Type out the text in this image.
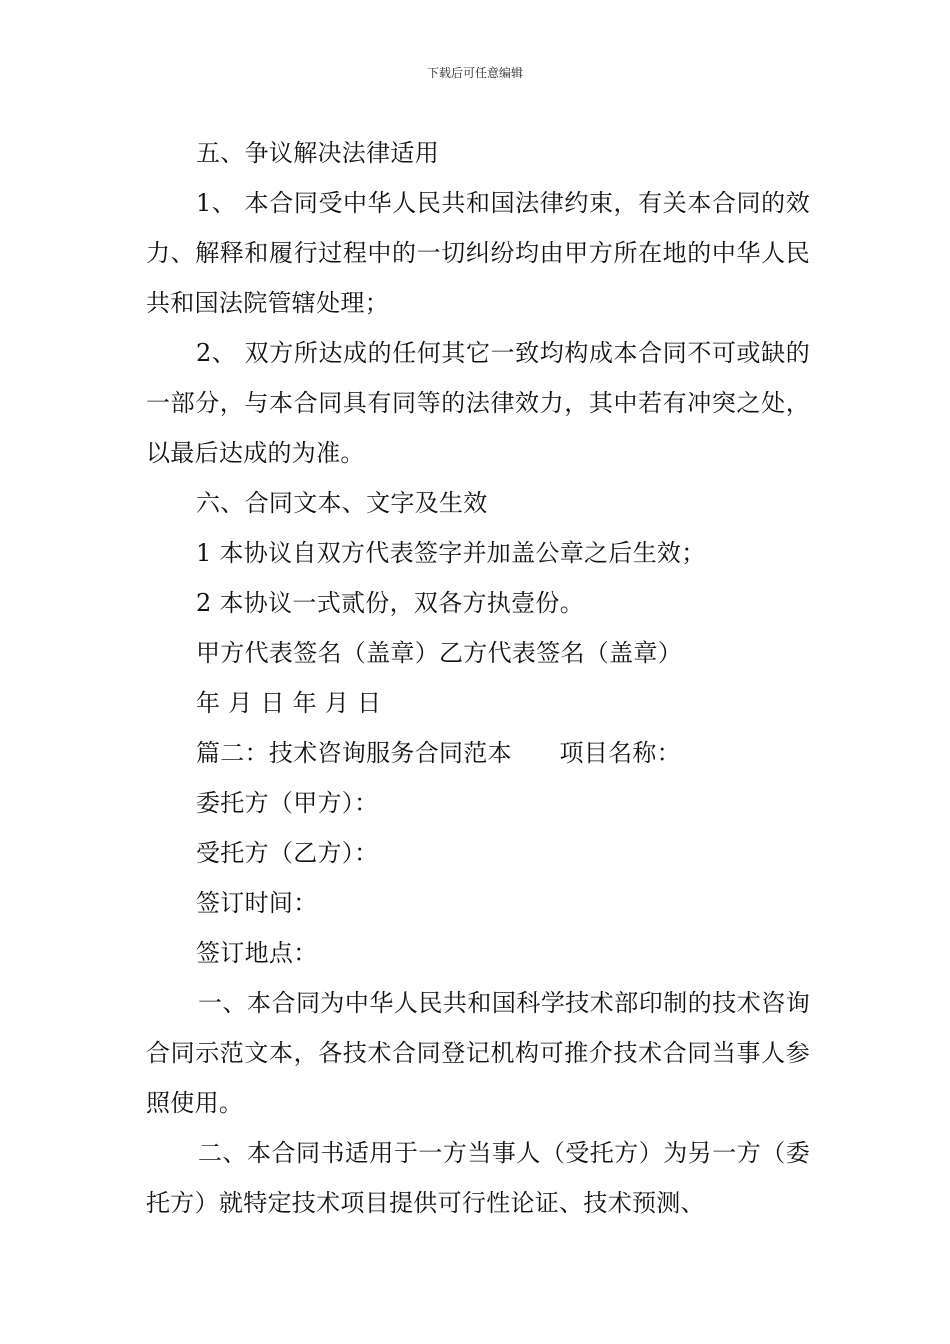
下载后可任意编辑
五、争议解决法律适用
1、 本合同受中华人民共和国法律约束，有关本合同的效力、解释和履行过程中的一切纠纷均由甲方所在地的中华人民共和国法院管辖处理；
2、 双方所达成的任何其它一致均构成本合同不可或缺的一部分，与本合同具有同等的法律效力，其中若有冲突之处，以最后达成的为准。
六、合同文本、文字及生效
1 本协议自双方代表签字并加盖公章之后生效；
2 本协议一式贰份，双各方执壹份。
甲方代表签名（盖章）乙方代表签名（盖章）
年 月 日 年 月 日
篇二：技术咨询服务合同范本      项目名称：
委托方（甲方）：
受托方（乙方）：
签订时间：
签订地点：
一、本合同为中华人民共和国科学技术部印制的技术咨询合同示范文本，各技术合同登记机构可推介技术合同当事人参照使用。
二、本合同书适用于一方当事人（受托方）为另一方（委托方）就特定技术项目提供可行性论证、技术预测、
